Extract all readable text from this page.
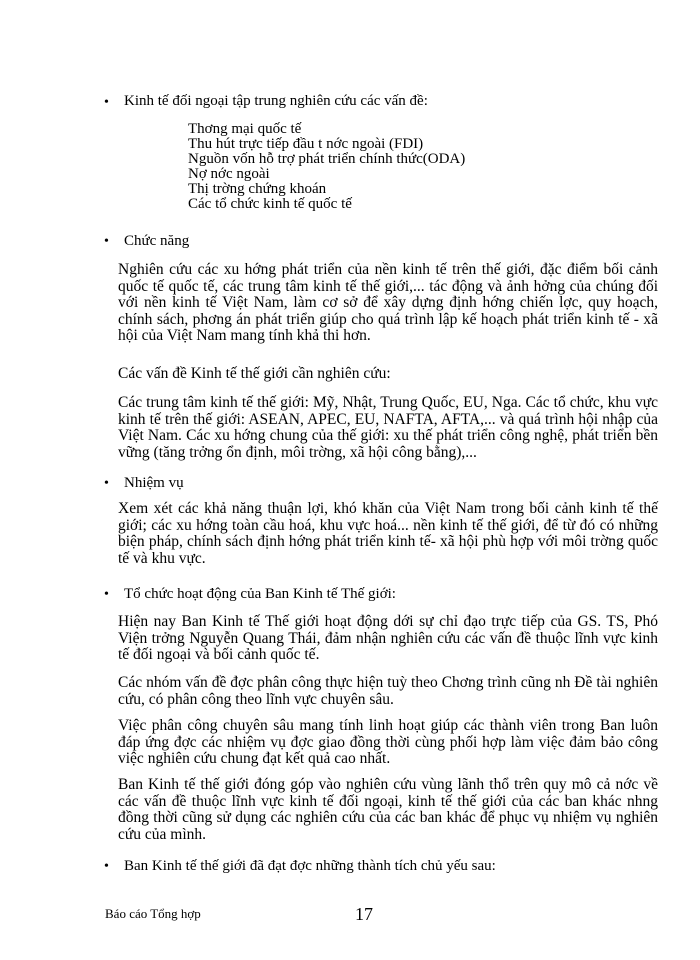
• Kinh tế đối ngoại tập trung nghiên cứu các vấn đề:
Thơng mại quốc tế
Thu hút trực tiếp đầu t nớc ngoài (FDI)
Nguồn vốn hỗ trợ phát triển chính thức(ODA)
Nợ nớc ngoài
Thị trờng chứng khoán
Các tổ chức kinh tế quốc tế
• Chức năng
Nghiên cứu các xu hớng phát triển của nền kinh tế trên thế giới, đặc điểm bối cảnh quốc tế quốc tế, các trung tâm kinh tế thế giới,... tác động và ảnh hởng của chúng đối với nền kinh tế Việt Nam, làm cơ sở để xây dựng định hớng chiến lợc, quy hoạch, chính sách, phơng án phát triển giúp cho quá trình lập kế hoạch phát triển kinh tế - xã hội của Việt Nam mang tính khả thi hơn.
Các vấn đề Kinh tế thế giới cần nghiên cứu:
Các trung tâm kinh tế thế giới: Mỹ, Nhật, Trung Quốc, EU, Nga. Các tổ chức, khu vực kinh tế trên thế giới: ASEAN, APEC, EU, NAFTA, AFTA,... và quá trình hội nhập của Việt Nam. Các xu hớng chung của thế giới: xu thế phát triển công nghệ, phát triển bền vững (tăng trởng ổn định, môi trờng, xã hội công bằng),...
• Nhiệm vụ
Xem xét các khả năng thuận lợi, khó khăn của Việt Nam trong bối cảnh kinh tế thế giới; các xu hớng toàn cầu hoá, khu vực hoá... nền kinh tế thế giới, để từ đó có những biện pháp, chính sách định hớng phát triển kinh tế- xã hội phù hợp với môi trờng quốc tế và khu vực.
• Tổ chức hoạt động của Ban Kinh tế Thế giới:
Hiện nay Ban Kinh tế Thế giới hoạt động dới sự chỉ đạo trực tiếp của GS. TS, Phó Viện trởng Nguyễn Quang Thái, đảm nhận nghiên cứu các vấn đề thuộc lĩnh vực kinh tế đối ngoại và bối cảnh quốc tế.
Các nhóm vấn đề đợc phân công thực hiện tuỳ theo Chơng trình cũng nh Đề tài nghiên cứu, có phân công theo lĩnh vực chuyên sâu.
Việc phân công chuyên sâu mang tính linh hoạt giúp các thành viên trong Ban luôn đáp ứng đợc các nhiệm vụ đợc giao đồng thời cùng phối hợp làm việc đảm bảo công việc nghiên cứu chung đạt kết quả cao nhất.
Ban Kinh tế thế giới đóng góp vào nghiên cứu vùng lãnh thổ trên quy mô cả nớc về các vấn đề thuộc lĩnh vực kinh tế đối ngoại, kinh tế thế giới của các ban khác nhng đồng thời cũng sử dụng các nghiên cứu của các ban khác để phục vụ nhiệm vụ nghiên cứu của mình.
• Ban Kinh tế thế giới đã đạt đợc những thành tích chủ yếu sau:
Báo cáo Tổng hợp	17
